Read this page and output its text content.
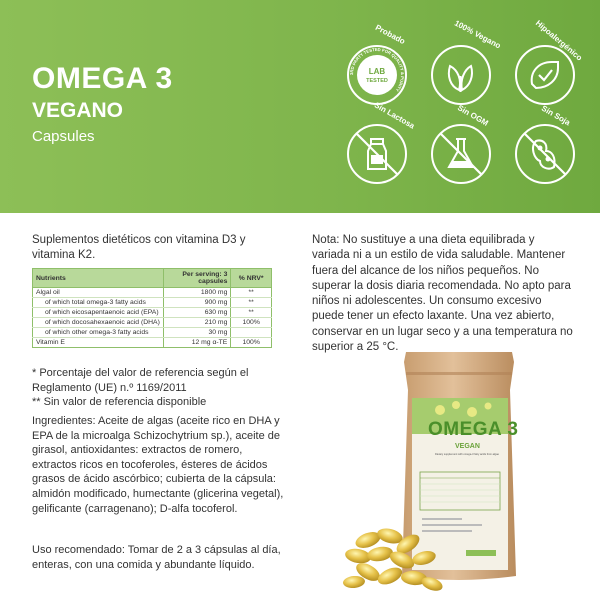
OMEGA 3
VEGANO
Capsules
3RD PARTY TESTED FOR QUALITY & PURITY
LAB
TESTED
Probado	100% Vegano	Hipoalergénico
Sin Lactosa	Sin OGM	Sin Soja
Suplementos dietéticos con vitamina D3 y vitamina K2.
Nutrients	Per serving: 3 capsules	% NRV*
Algal oil	1800 mg	**
of which total omega-3 fatty acids	900 mg	**
of which eicosapentaenoic acid (EPA)	630 mg	**
of which docosahexaenoic acid (DHA)	210 mg	100%
of which other omega-3 fatty acids	30 mg	
Vitamin E	12 mg α-TE	100%
* Porcentaje del valor de referencia según el Reglamento (UE) n.º 1169/2011
** Sin valor de referencia disponible
Ingredientes: Aceite de algas (aceite rico en DHA y EPA de la microalga Schizochytrium sp.), aceite de girasol, antioxidantes: extractos de romero, extractos ricos en tocoferoles, ésteres de ácidos grasos de ácido ascórbico; cubierta de la cápsula: almidón modificado, humectante (glicerina vegetal), gelificante (carragenano); D-alfa tocoferol.
Uso recomendado: Tomar de 2 a 3 cápsulas al día, enteras, con una comida y abundante líquido.
Nota: No sustituye a una dieta equilibrada y variada ni a un estilo de vida saludable. Mantener fuera del alcance de los niños pequeños. No superar la dosis diaria recomendada. No apto para niños ni adolescentes. Un consumo excesivo puede tener un efecto laxante. Una vez abierto, conservar en un lugar seco y a una temperatura no superior a 25 °C.
OMEGA 3
VEGAN
Dietary supplement with omega-3 fatty acids from algae
